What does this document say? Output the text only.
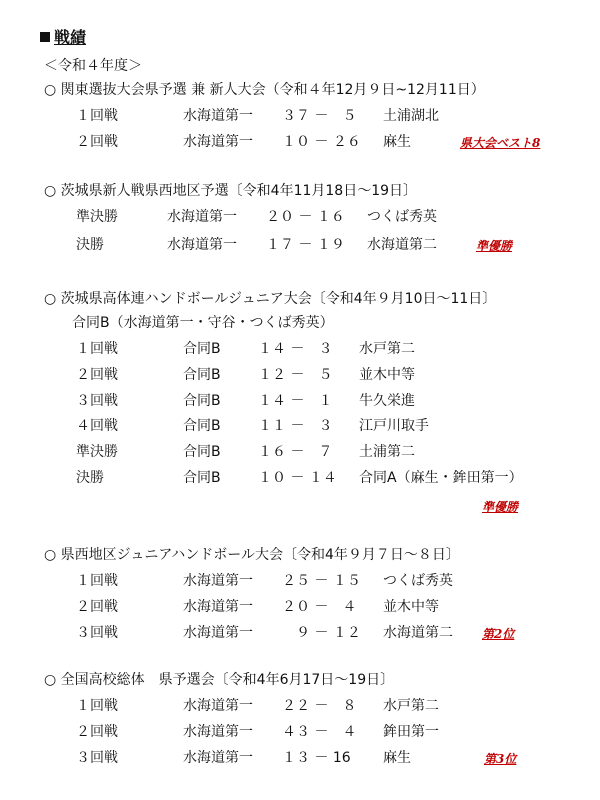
戦績
＜令和４年度＞
○ 関東選抜大会県予選 兼 新人大会（令和４年12月９日~12月11日）
１回戦	水海道第一 ３７ －　５ 土浦湖北
２回戦	水海道第一 １０ － ２６ 麻生	県大会ベスト8
○ 茨城県新人戦県西地区予選〔令和4年11月18日～19日〕
準決勝	水海道第一 ２０ － １６ つくば秀英
決勝	水海道第一 １７ － １９ 水海道第二	準優勝
○ 茨城県高体連ハンドボールジュニア大会〔令和4年９月10日～11日〕
合同B（水海道第一・守谷・つくば秀英）
１回戦	合同B	１４ －　３ 水戸第二
２回戦	合同B	１２ －　５ 並木中等
３回戦	合同B	１４ －　１ 牛久栄進
４回戦	合同B	１１ －　３ 江戸川取手
準決勝	合同B	１６ －　７ 土浦第二
決勝	合同B	１０ － １４ 合同A（麻生・鉾田第一）
準優勝
○ 県西地区ジュニアハンドボール大会〔令和4年９月７日～８日〕
１回戦	水海道第一 ２５ － １５ つくば秀英
２回戦	水海道第一 ２０ －　４ 並木中等
３回戦	水海道第一 　９ － １２ 水海道第二 第2位
○ 全国高校総体　県予選会〔令和4年6月17日～19日〕
１回戦	水海道第一 ２２ －　８ 水戸第二
２回戦	水海道第一 ４３ －　４ 鉾田第一
３回戦	水海道第一 １３ － 16 麻生	第3位
